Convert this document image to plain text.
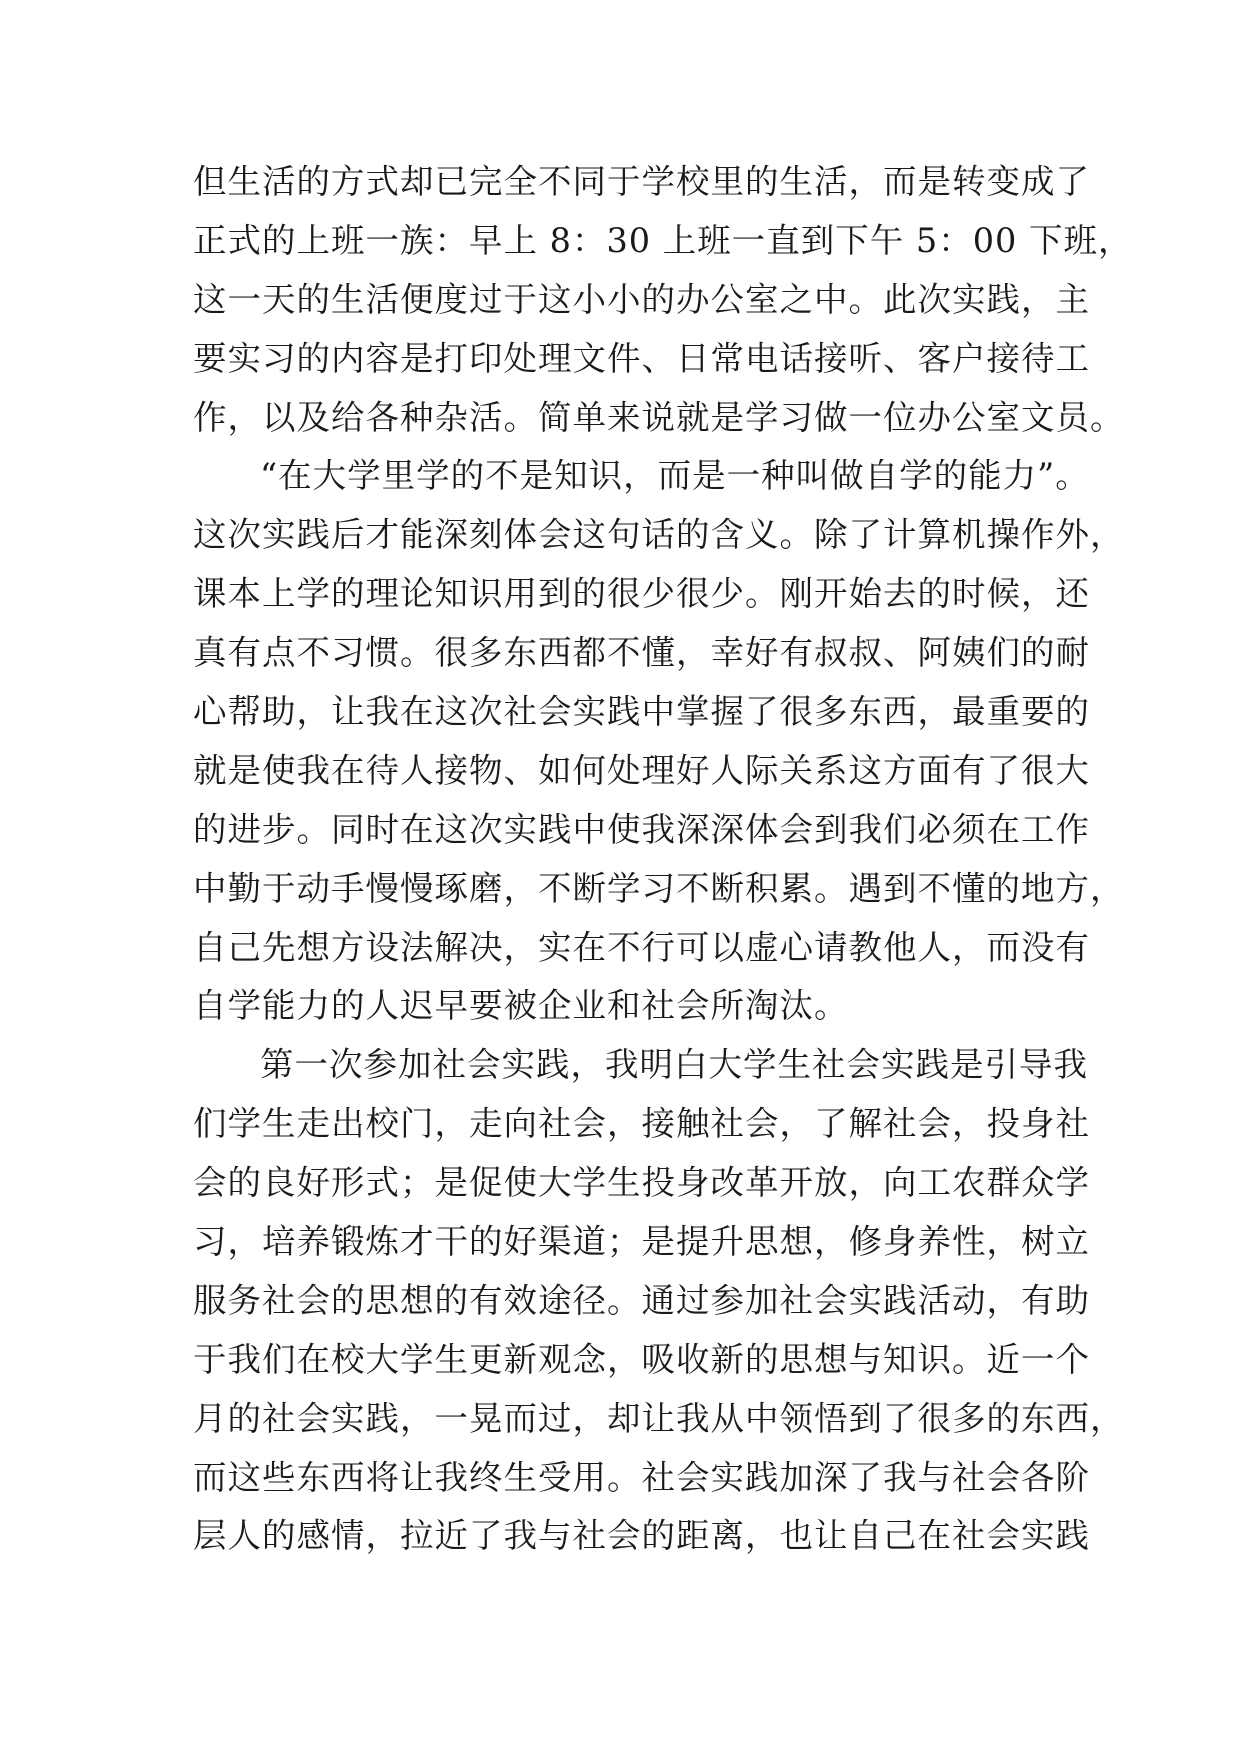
但生活的方式却已完全不同于学校里的生活，而是转变成了
正式的上班一族：早上 8：30 上班一直到下午 5：00 下班，
这一天的生活便度过于这小小的办公室之中。此次实践，主
要实习的内容是打印处理文件、日常电话接听、客户接待工
作，以及给各种杂活。简单来说就是学习做一位办公室文员。
“在大学里学的不是知识，而是一种叫做自学的能力”。
这次实践后才能深刻体会这句话的含义。除了计算机操作外，
课本上学的理论知识用到的很少很少。刚开始去的时候，还
真有点不习惯。很多东西都不懂，幸好有叔叔、阿姨们的耐
心帮助，让我在这次社会实践中掌握了很多东西，最重要的
就是使我在待人接物、如何处理好人际关系这方面有了很大
的进步。同时在这次实践中使我深深体会到我们必须在工作
中勤于动手慢慢琢磨，不断学习不断积累。遇到不懂的地方，
自己先想方设法解决，实在不行可以虚心请教他人，而没有
自学能力的人迟早要被企业和社会所淘汰。
第一次参加社会实践，我明白大学生社会实践是引导我
们学生走出校门，走向社会，接触社会，了解社会，投身社
会的良好形式；是促使大学生投身改革开放，向工农群众学
习，培养锻炼才干的好渠道；是提升思想，修身养性，树立
服务社会的思想的有效途径。通过参加社会实践活动，有助
于我们在校大学生更新观念，吸收新的思想与知识。近一个
月的社会实践，一晃而过，却让我从中领悟到了很多的东西，
而这些东西将让我终生受用。社会实践加深了我与社会各阶
层人的感情，拉近了我与社会的距离，也让自己在社会实践
